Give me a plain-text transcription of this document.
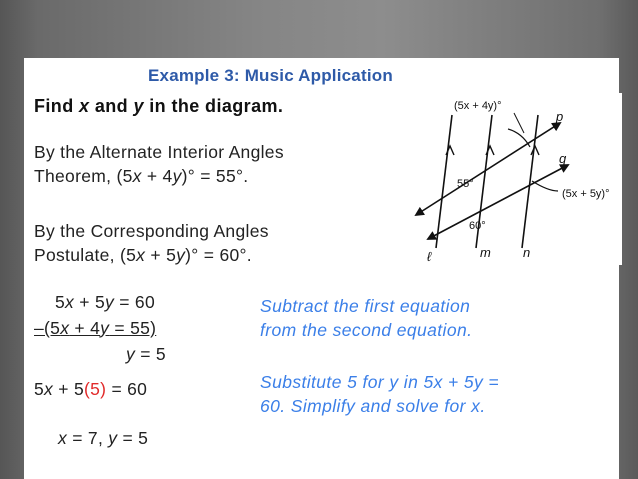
Example 3: Music Application
Find x and y in the diagram.
By the Alternate Interior Angles
Theorem, (5x + 4y)° = 55°.
By the Corresponding Angles
Postulate, (5x + 5y)° = 60°.
5x + 5y = 60
–(5x + 4y = 55)
y = 5
5x + 5(5) = 60
x = 7, y = 5
Subtract the first equation
from the second equation.
Substitute 5 for y in 5x + 5y =
60. Simplify and solve for x.
(5x + 4y)°
(5x + 5y)°
55°
60°
p
q
ℓ	m n
